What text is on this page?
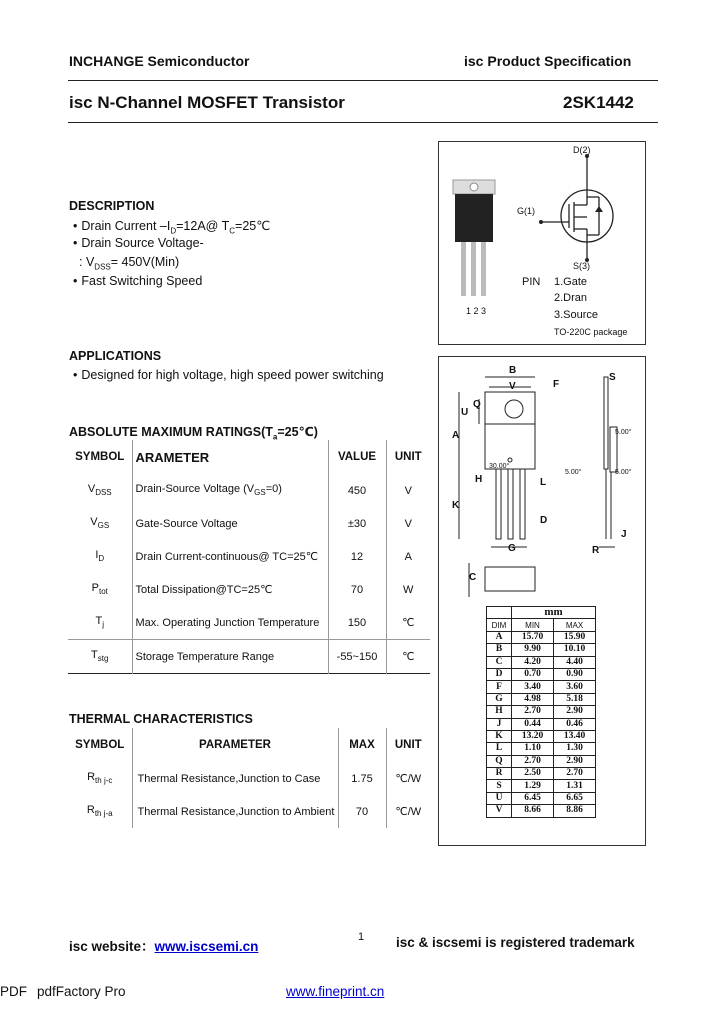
INCHANGE Semiconductor	isc Product Specification
isc N-Channel MOSFET Transistor	2SK1442
DESCRIPTION
• Drain Current $-I_D=12A@$ $T_C=25℃$
• Drain Source Voltage-
: $V_{DSS}= 450V(Min)$
• Fast Switching Speed
1 2 3
D(2)
G(1)
S(3)
PIN 1.Gate
2.Dran
3.Source
TO-220C package
APPLICATIONS
• Designed for high voltage, high speed power switching
ABSOLUTE MAXIMUM $RATINGS(T_a=25℃)$
SYMBOL	ARAMETER	VALUE	UNIT
$V_{DSS}$	Drain-Source Voltage $(V_{GS}=0)$	450	V
$V_{GS}$	Gate-Source Voltage	±30	V
$I_D$	Drain Current-continuous@ TC=25℃	12	A
$P_{tot}$	Total Dissipation@TC=25℃	70	W
$T_j$	Max. Operating Junction Temperature	150	℃
$T_{stg}$	Storage Temperature Range	-55~150	℃
THERMAL CHARACTERISTICS
SYMBOL	PARAMETER	MAX	UNIT
$R_{th j-c}$	Thermal Resistance,Junction to Case	1.75	℃/W
$R_{th j-a}$	Thermal Resistance,Junction to Ambient	70	℃/W
B
V	F
S
Q
U
A
H	L
K
D
G
J
R
C
30.00°
5.00°
5.00°	5.00°
	mm	
DIM	MIN	MAX
A	15.70	15.90
B	9.90	10.10
C	4.20	4.40
D	0.70	0.90
F	3.40	3.60
G	4.98	5.18
H	2.70	2.90
J	0.44	0.46
K	13.20	13.40
L	1.10	1.30
Q	2.70	2.90
R	2.50	2.70
S	1.29	1.31
U	6.45	6.65
V	8.66	8.86
isc website：www.iscsemi.cn
1 isc & iscsemi is registered trademark
PDF pdfFactory Pro	www.fineprint.cn
